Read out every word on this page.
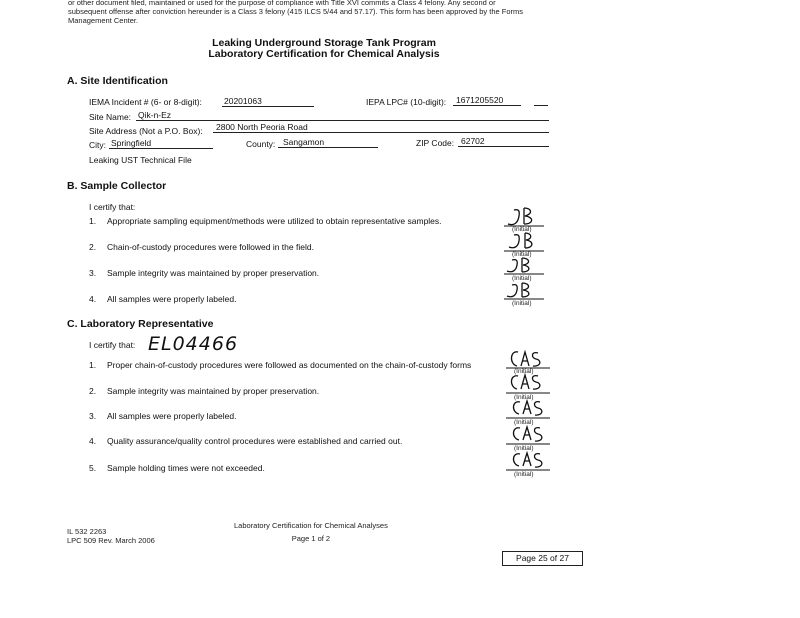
or other document filed, maintained or used for the purpose of compliance with Title XVI commits a Class 4 felony. Any second or
subsequent offense after conviction hereunder is a Class 3 felony (415 ILCS 5/44 and 57.17). This form has been approved by the Forms
Management Center.
Leaking Underground Storage Tank Program
Laboratory Certification for Chemical Analysis
A. Site Identification
IEMA Incident # (6- or 8-digit):	20201063	IEPA LPC# (10-digit): 1671205520
Site Name: Qik-n-Ez
Site Address (Not a P.O. Box): 2800 North Peoria Road
City: Springfield	County: Sangamon	ZIP Code: 62702
Leaking UST Technical File
B. Sample Collector
I certify that:
1. Appropriate sampling equipment/methods were utilized to obtain representative samples.
2. Chain-of-custody procedures were followed in the field.
3. Sample integrity was maintained by proper preservation.
4. All samples were properly labeled.
(Initial)
(Initial)
(Initial)
(Initial)
C. Laboratory Representative
I certify that: EL04466
1. Proper chain-of-custody procedures were followed as documented on the chain-of-custody forms
2. Sample integrity was maintained by proper preservation.
3. All samples were properly labeled.
4. Quality assurance/quality control procedures were established and carried out.
5. Sample holding times were not exceeded.
(Initial)
(Initial)
(Initial)
(Initial)
(Initial)
IL 532 2263
LPC 509 Rev. March 2006
Laboratory Certification for Chemical Analyses
Page 1 of 2
Page 25 of 27
